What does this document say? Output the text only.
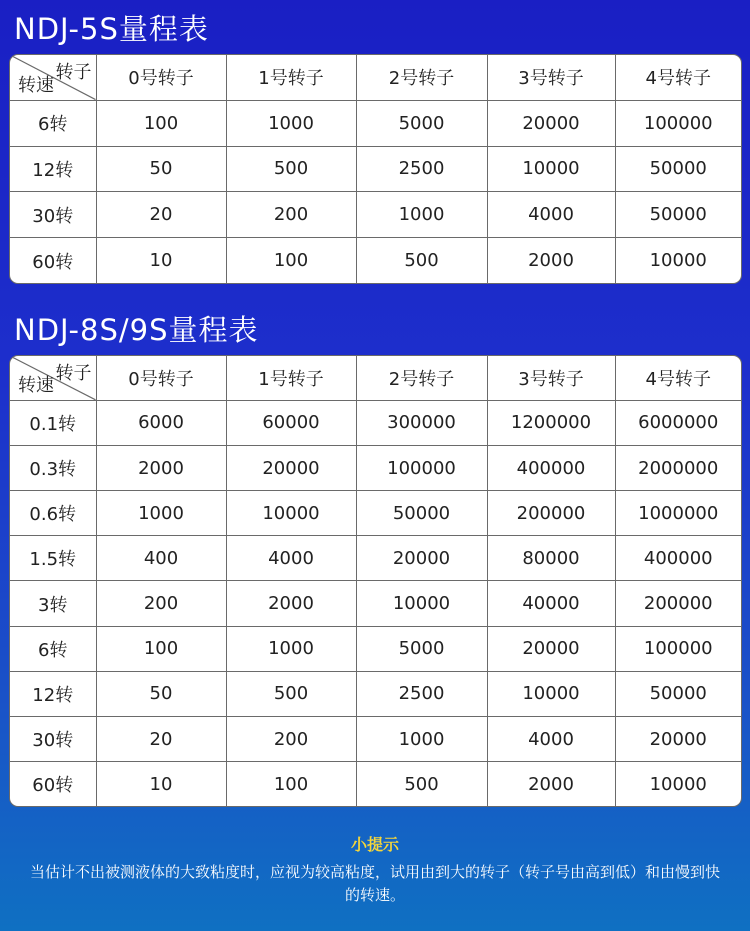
NDJ-5S量程表
转子
转速	0号转子	1号转子	2号转子	3号转子	4号转子
6转	100	1000	5000	20000	100000
12转	50	500	2500	10000	50000
30转	20	200	1000	4000	50000
60转	10	100	500	2000	10000
NDJ-8S/9S量程表
转子
转速	0号转子	1号转子	2号转子	3号转子	4号转子
0.1转	6000	60000	300000	1200000	6000000
0.3转	2000	20000	100000	400000	2000000
0.6转	1000	10000	50000	200000	1000000
1.5转	400	4000	20000	80000	400000
3转	200	2000	10000	40000	200000
6转	100	1000	5000	20000	100000
12转	50	500	2500	10000	50000
30转	20	200	1000	4000	20000
60转	10	100	500	2000	10000
小提示
当估计不出被测液体的大致粘度时，应视为较高粘度，试用由到大的转子（转子号由高到低）和由慢到快的转速。
